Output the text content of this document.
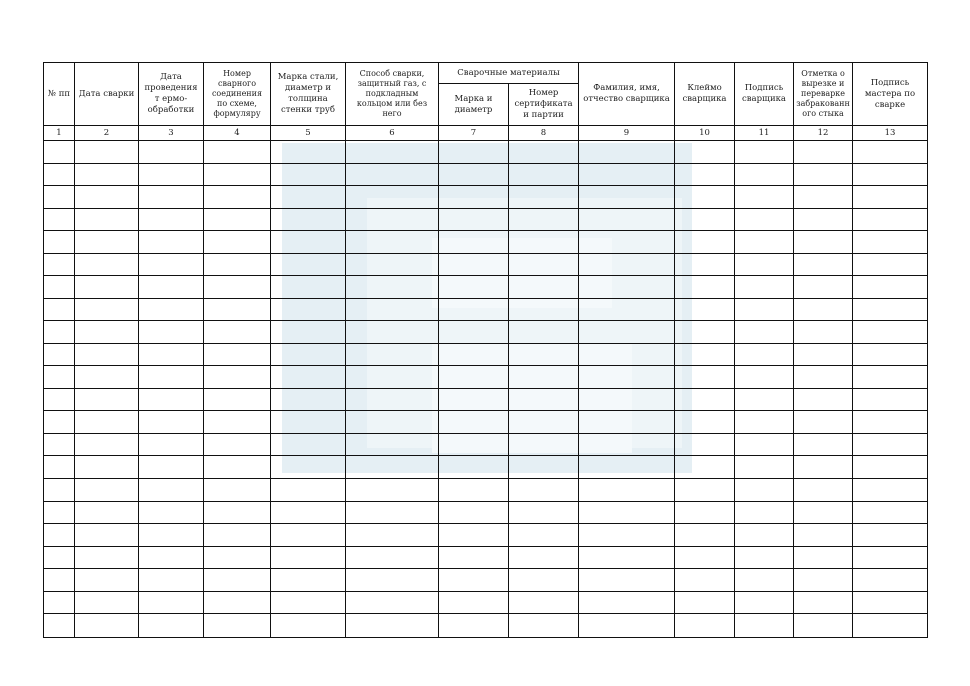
№ пп	Дата сварки	Дата проведения т ермо-обработки	Номер сварного соединения по схеме, формуляру	Марка стали, диаметр и толщина стенки труб	Способ сварки, защитный газ, с подкладным кольцом или без него	Сварочные материалы		Фамилия, имя, отчество сварщика	Клеймо сварщика	Подпись сварщика	Отметка о вырезке и переварке забракованного стыка	Подпись мастера по сварке
						Марка и диаметр	Номер сертификата и партии					
1	2	3	4	5	6	7	8	9	10	11	12	13
